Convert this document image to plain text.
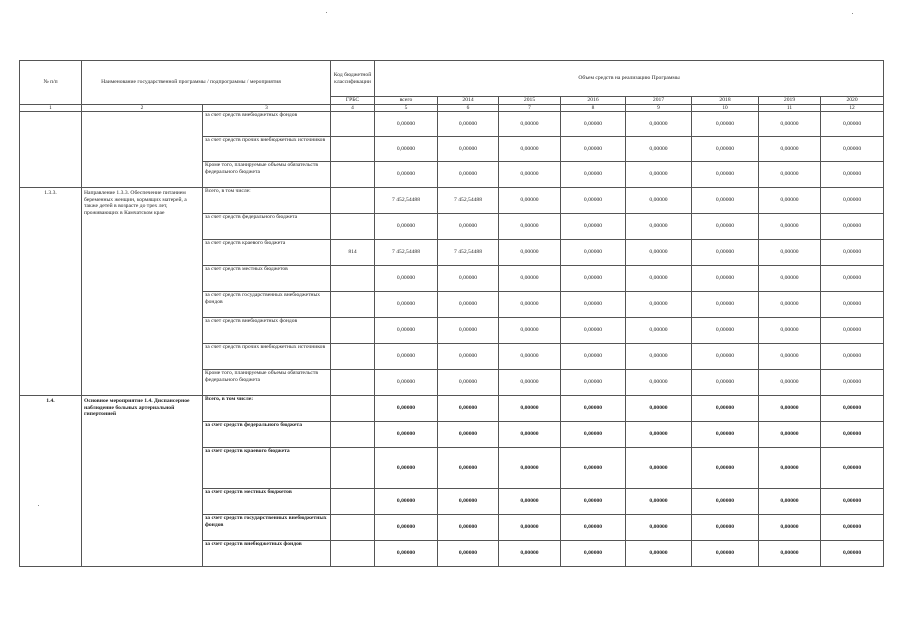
№ п/п	Наименование государственной программы / подпрограммы / мероприятия		Код бюджетной классификации	Объем средств на реализацию Программы							
			ГРБС	всего	2014	2015	2016	2017	2018	2019	2020
1	2	3	4	5	6	7	8	9	10	11	12
		за счет средств внебюджетных фондов		0,00000	0,00000	0,00000	0,00000	0,00000	0,00000	0,00000	0,00000
		за счет средств прочих внебюджетных источников		0,00000	0,00000	0,00000	0,00000	0,00000	0,00000	0,00000	0,00000
		Кроме того, планируемые объемы обязательств федерального бюджета		0,00000	0,00000	0,00000	0,00000	0,00000	0,00000	0,00000	0,00000
1.3.3.	Направление 1.3.3. Обеспечение питанием беременных женщин, кормящих матерей, а также детей в возрасте до трех лет, проживающих в Камчатском крае	Всего, в том числе:		7 452,54488	7 452,54488	0,00000	0,00000	0,00000	0,00000	0,00000	0,00000
		за счет средств федерального бюджета		0,00000	0,00000	0,00000	0,00000	0,00000	0,00000	0,00000	0,00000
		за счет средств краевого бюджета	814	7 452,54488	7 452,54488	0,00000	0,00000	0,00000	0,00000	0,00000	0,00000
		за счет средств местных бюджетов		0,00000	0,00000	0,00000	0,00000	0,00000	0,00000	0,00000	0,00000
		за счет средств государственных внебюджетных фондов		0,00000	0,00000	0,00000	0,00000	0,00000	0,00000	0,00000	0,00000
		за счет средств внебюджетных фондов		0,00000	0,00000	0,00000	0,00000	0,00000	0,00000	0,00000	0,00000
		за счет средств прочих внебюджетных источников		0,00000	0,00000	0,00000	0,00000	0,00000	0,00000	0,00000	0,00000
		Кроме того, планируемые объемы обязательств федерального бюджета		0,00000	0,00000	0,00000	0,00000	0,00000	0,00000	0,00000	0,00000
1.4.	Основное мероприятие 1.4. Диспансерное наблюдение больных артериальной гипертонией	Всего, в том числе:		0,00000	0,00000	0,00000	0,00000	0,00000	0,00000	0,00000	0,00000
		за счет средств федерального бюджета		0,00000	0,00000	0,00000	0,00000	0,00000	0,00000	0,00000	0,00000
		за счет средств краевого бюджета		0,00000	0,00000	0,00000	0,00000	0,00000	0,00000	0,00000	0,00000
		за счет средств местных бюджетов		0,00000	0,00000	0,00000	0,00000	0,00000	0,00000	0,00000	0,00000
		за счет средств государственных внебюджетных фондов		0,00000	0,00000	0,00000	0,00000	0,00000	0,00000	0,00000	0,00000
		за счет средств внебюджетных фондов		0,00000	0,00000	0,00000	0,00000	0,00000	0,00000	0,00000	0,00000
